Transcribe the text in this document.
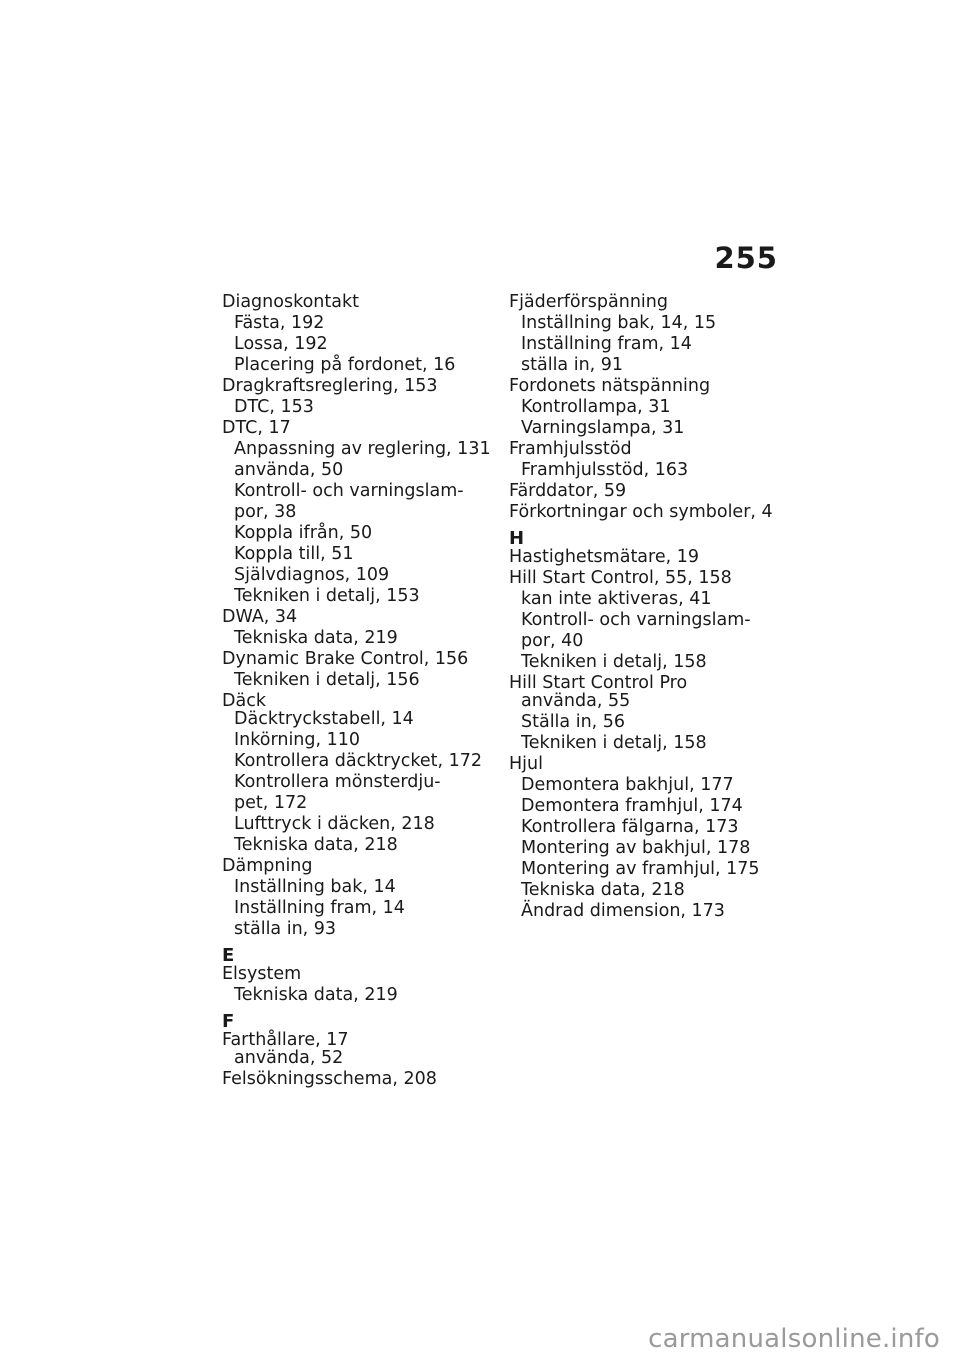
255
Diagnoskontakt
Fästa, 192
Lossa, 192
Placering på fordonet, 16
Dragkraftsreglering, 153
DTC, 153
DTC, 17
Anpassning av reglering, 131
använda, 50
Kontroll- och varningslam-
por, 38
Koppla ifrån, 50
Koppla till, 51
Självdiagnos, 109
Tekniken i detalj, 153
DWA, 34
Tekniska data, 219
Dynamic Brake Control, 156
Tekniken i detalj, 156
Däck
Däcktryckstabell, 14
Inkörning, 110
Kontrollera däcktrycket, 172
Kontrollera mönsterdju-
pet, 172
Lufttryck i däcken, 218
Tekniska data, 218
Dämpning
Inställning bak, 14
Inställning fram, 14
ställa in, 93
E
Elsystem
Tekniska data, 219
F
Farthållare, 17
använda, 52
Felsökningsschema, 208
Fjäderförspänning
Inställning bak, 14, 15
Inställning fram, 14
ställa in, 91
Fordonets nätspänning
Kontrollampa, 31
Varningslampa, 31
Framhjulsstöd
Framhjulsstöd, 163
Färddator, 59
Förkortningar och symboler, 4
H
Hastighetsmätare, 19
Hill Start Control, 55, 158
kan inte aktiveras, 41
Kontroll- och varningslam-
por, 40
Tekniken i detalj, 158
Hill Start Control Pro
använda, 55
Ställa in, 56
Tekniken i detalj, 158
Hjul
Demontera bakhjul, 177
Demontera framhjul, 174
Kontrollera fälgarna, 173
Montering av bakhjul, 178
Montering av framhjul, 175
Tekniska data, 218
Ändrad dimension, 173
carmanualsonline.info
